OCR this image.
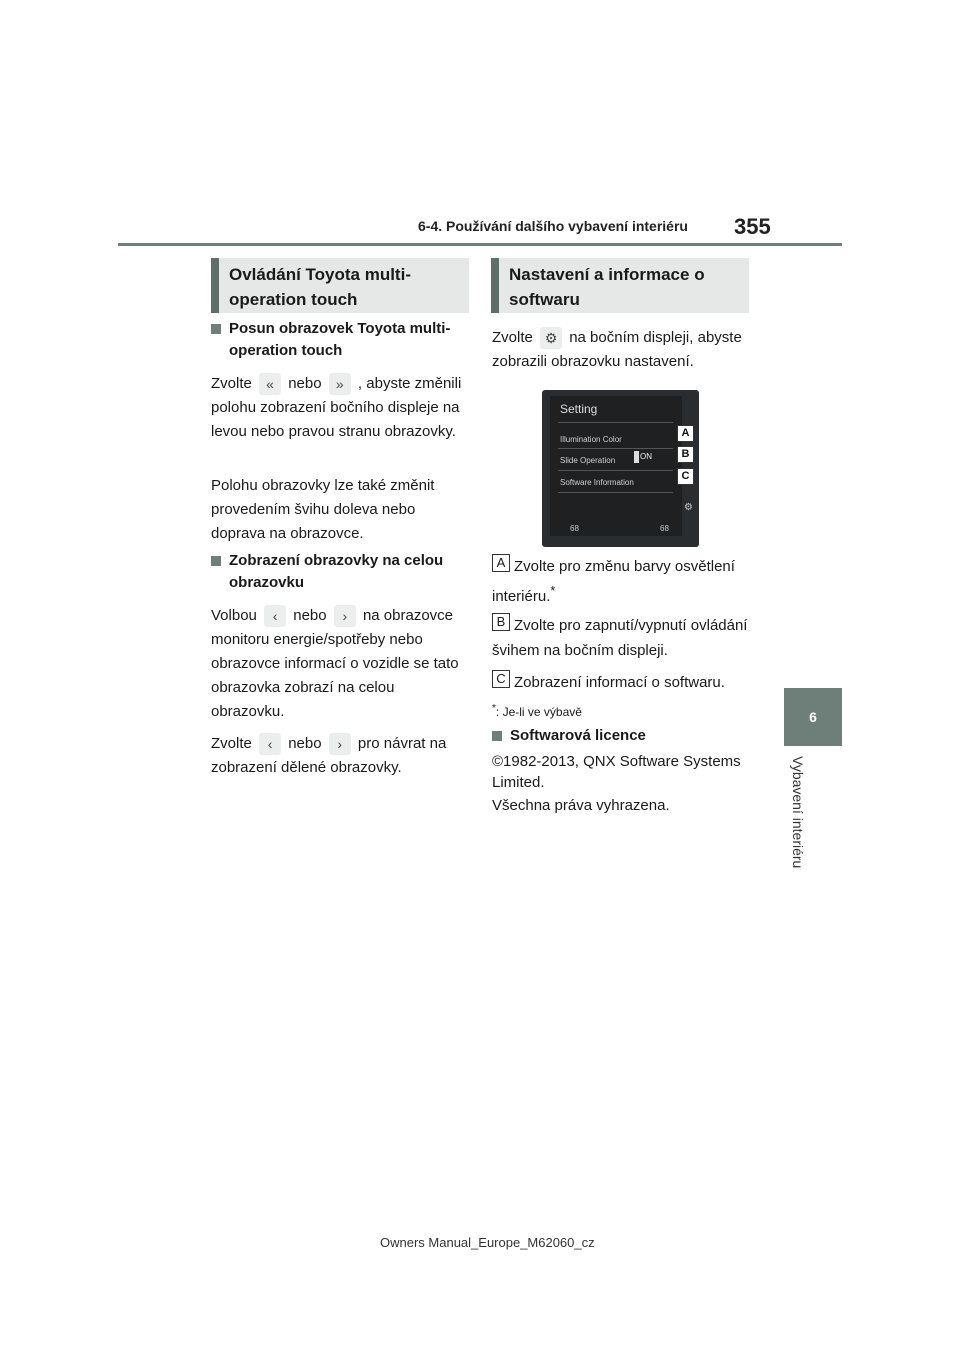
6-4. Používání dalšího vybavení interiéru 355
6
Vybavení interiéru
Ovládání Toyota multi-operation touch
Posun obrazovek Toyota multi-operation touch
Zvolte « nebo » , abyste změnili polohu zobrazení bočního displeje na levou nebo pravou stranu obrazovky.
Polohu obrazovky lze také změnit provedením švihu doleva nebo doprava na obrazovce.
Zobrazení obrazovky na celou obrazovku
Volbou ‹ nebo › na obrazovce monitoru energie/spotřeby nebo obrazovce informací o vozidle se tato obrazovka zobrazí na celou obrazovku.
Zvolte ‹ nebo › pro návrat na zobrazení dělené obrazovky.
Nastavení a informace o softwaru
Zvolte ⚙ na bočním displeji, abyste zobrazili obrazovku nastavení.
Setting
Illumination Color
Slide Operation	ON
Software Information
68	68
A
B
C
⚙
A Zvolte pro změnu barvy osvětlení interiéru.*
B Zvolte pro zapnutí/vypnutí ovládání švihem na bočním displeji.
C Zobrazení informací o softwaru.
*: Je-li ve výbavě
Softwarová licence
©1982-2013, QNX Software Systems Limited.
Všechna práva vyhrazena.
Owners Manual_Europe_M62060_cz
